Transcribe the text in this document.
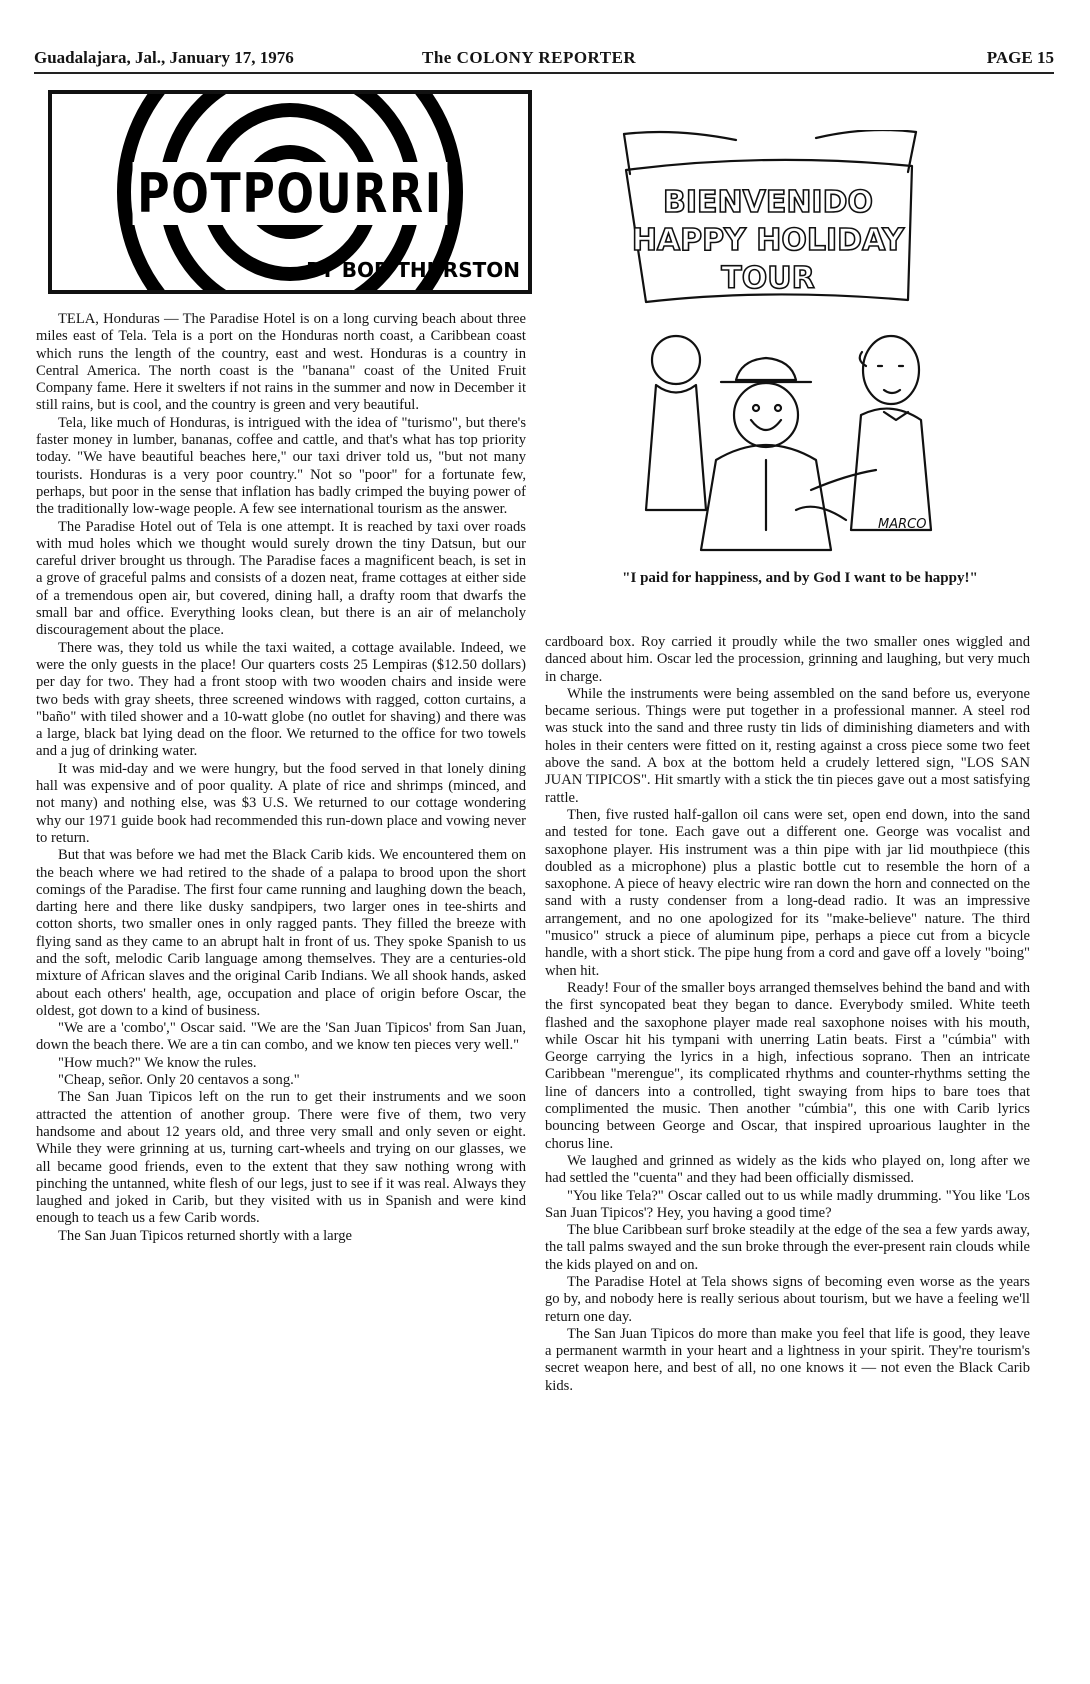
Guadalajara, Jal., January 17, 1976	The COLONY REPORTER	PAGE 15
POTPOURRI
BY BOB THURSTON

TELA, Honduras — The Paradise Hotel is on a long curving beach about three miles east of Tela. Tela is a port on the Honduras north coast, a Caribbean coast which runs the length of the country, east and west. Honduras is a country in Central America. The north coast is the "banana" coast of the United Fruit Company fame. Here it swelters if not rains in the summer and now in December it still rains, but is cool, and the country is green and very beautiful.

Tela, like much of Honduras, is intrigued with the idea of "turismo", but there's faster money in lumber, bananas, coffee and cattle, and that's what has top priority today. "We have beautiful beaches here," our taxi driver told us, "but not many tourists. Honduras is a very poor country." Not so "poor" for a fortunate few, perhaps, but poor in the sense that inflation has badly crimped the buying power of the traditionally low-wage people. A few see international tourism as the answer.

The Paradise Hotel out of Tela is one attempt. It is reached by taxi over roads with mud holes which we thought would surely drown the tiny Datsun, but our careful driver brought us through. The Paradise faces a magnificent beach, is set in a grove of graceful palms and consists of a dozen neat, frame cottages at either side of a tremendous open air, but covered, dining hall, a drafty room that dwarfs the small bar and office. Everything looks clean, but there is an air of melancholy discouragement about the place.

There was, they told us while the taxi waited, a cottage available. Indeed, we were the only guests in the place! Our quarters costs 25 Lempiras ($12.50 dollars) per day for two. They had a front stoop with two wooden chairs and inside were two beds with gray sheets, three screened windows with ragged, cotton curtains, a "baño" with tiled shower and a 10-watt globe (no outlet for shaving) and there was a large, black bat lying dead on the floor. We returned to the office for two towels and a jug of drinking water.

It was mid-day and we were hungry, but the food served in that lonely dining hall was expensive and of poor quality. A plate of rice and shrimps (minced, and not many) and nothing else, was $3 U.S. We returned to our cottage wondering why our 1971 guide book had recommended this run-down place and vowing never to return.

But that was before we had met the Black Carib kids. We encountered them on the beach where we had retired to the shade of a palapa to brood upon the short comings of the Paradise. The first four came running and laughing down the beach, darting here and there like dusky sandpipers, two larger ones in tee-shirts and cotton shorts, two smaller ones in only ragged pants. They filled the breeze with flying sand as they came to an abrupt halt in front of us. They spoke Spanish to us and the soft, melodic Carib language among themselves. They are a centuries-old mixture of African slaves and the original Carib Indians. We all shook hands, asked about each others' health, age, occupation and place of origin before Oscar, the oldest, got down to a kind of business.

"We are a 'combo'," Oscar said. "We are the 'San Juan Tipicos' from San Juan, down the beach there. We are a tin can combo, and we know ten pieces very well."

"How much?" We know the rules.

"Cheap, señor. Only 20 centavos a song."

The San Juan Tipicos left on the run to get their instruments and we soon attracted the attention of another group. There were five of them, two very handsome and about 12 years old, and three very small and only seven or eight. While they were grinning at us, turning cart-wheels and trying on our glasses, we all became good friends, even to the extent that they saw nothing wrong with pinching the untanned, white flesh of our legs, just to see if it was real. Always they laughed and joked in Carib, but they visited with us in Spanish and were kind enough to teach us a few Carib words.

The San Juan Tipicos returned shortly with a large

cardboard box. Roy carried it proudly while the two smaller ones wiggled and danced about him. Oscar led the procession, grinning and laughing, but very much in charge.

While the instruments were being assembled on the sand before us, everyone became serious. Things were put together in a professional manner. A steel rod was stuck into the sand and three rusty tin lids of diminishing diameters and with holes in their centers were fitted on it, resting against a cross piece some two feet above the sand. A box at the bottom held a crudely lettered sign, "LOS SAN JUAN TIPICOS". Hit smartly with a stick the tin pieces gave out a most satisfying rattle.

Then, five rusted half-gallon oil cans were set, open end down, into the sand and tested for tone. Each gave out a different one. George was vocalist and saxophone player. His instrument was a thin pipe with jar lid mouthpiece (this doubled as a microphone) plus a plastic bottle cut to resemble the horn of a saxophone. A piece of heavy electric wire ran down the horn and connected on the sand with a rusty condenser from a long-dead radio. It was an impressive arrangement, and no one apologized for its "make-believe" nature. The third "musico" struck a piece of aluminum pipe, perhaps a piece cut from a bicycle handle, with a short stick. The pipe hung from a cord and gave off a lovely "boing" when hit.

Ready! Four of the smaller boys arranged themselves behind the band and with the first syncopated beat they began to dance. Everybody smiled. White teeth flashed and the saxophone player made real saxophone noises with his mouth, while Oscar hit his tympani with unerring Latin beats. First a "cúmbia" with George carrying the lyrics in a high, infectious soprano. Then an intricate Caribbean "merengue", its complicated rhythms and counter-rhythms setting the line of dancers into a controlled, tight swaying from hips to bare toes that complimented the music. Then another "cúmbia", this one with Carib lyrics bouncing between George and Oscar, that inspired uproarious laughter in the chorus line.

We laughed and grinned as widely as the kids who played on, long after we had settled the "cuenta" and they had been officially dismissed.

"You like Tela?" Oscar called out to us while madly drumming. "You like 'Los San Juan Tipicos'? Hey, you having a good time?

The blue Caribbean surf broke steadily at the edge of the sea a few yards away, the tall palms swayed and the sun broke through the ever-present rain clouds while the kids played on and on.

The Paradise Hotel at Tela shows signs of becoming even worse as the years go by, and nobody here is really serious about tourism, but we have a feeling we'll return one day.

The San Juan Tipicos do more than make you feel that life is good, they leave a permanent warmth in your heart and a lightness in your spirit. They're tourism's secret weapon here, and best of all, no one knows it — not even the Black Carib kids.

BIENVENIDO
HAPPY HOLIDAY
TOUR
MARCO
"I paid for happiness, and by God I want to be happy!"
